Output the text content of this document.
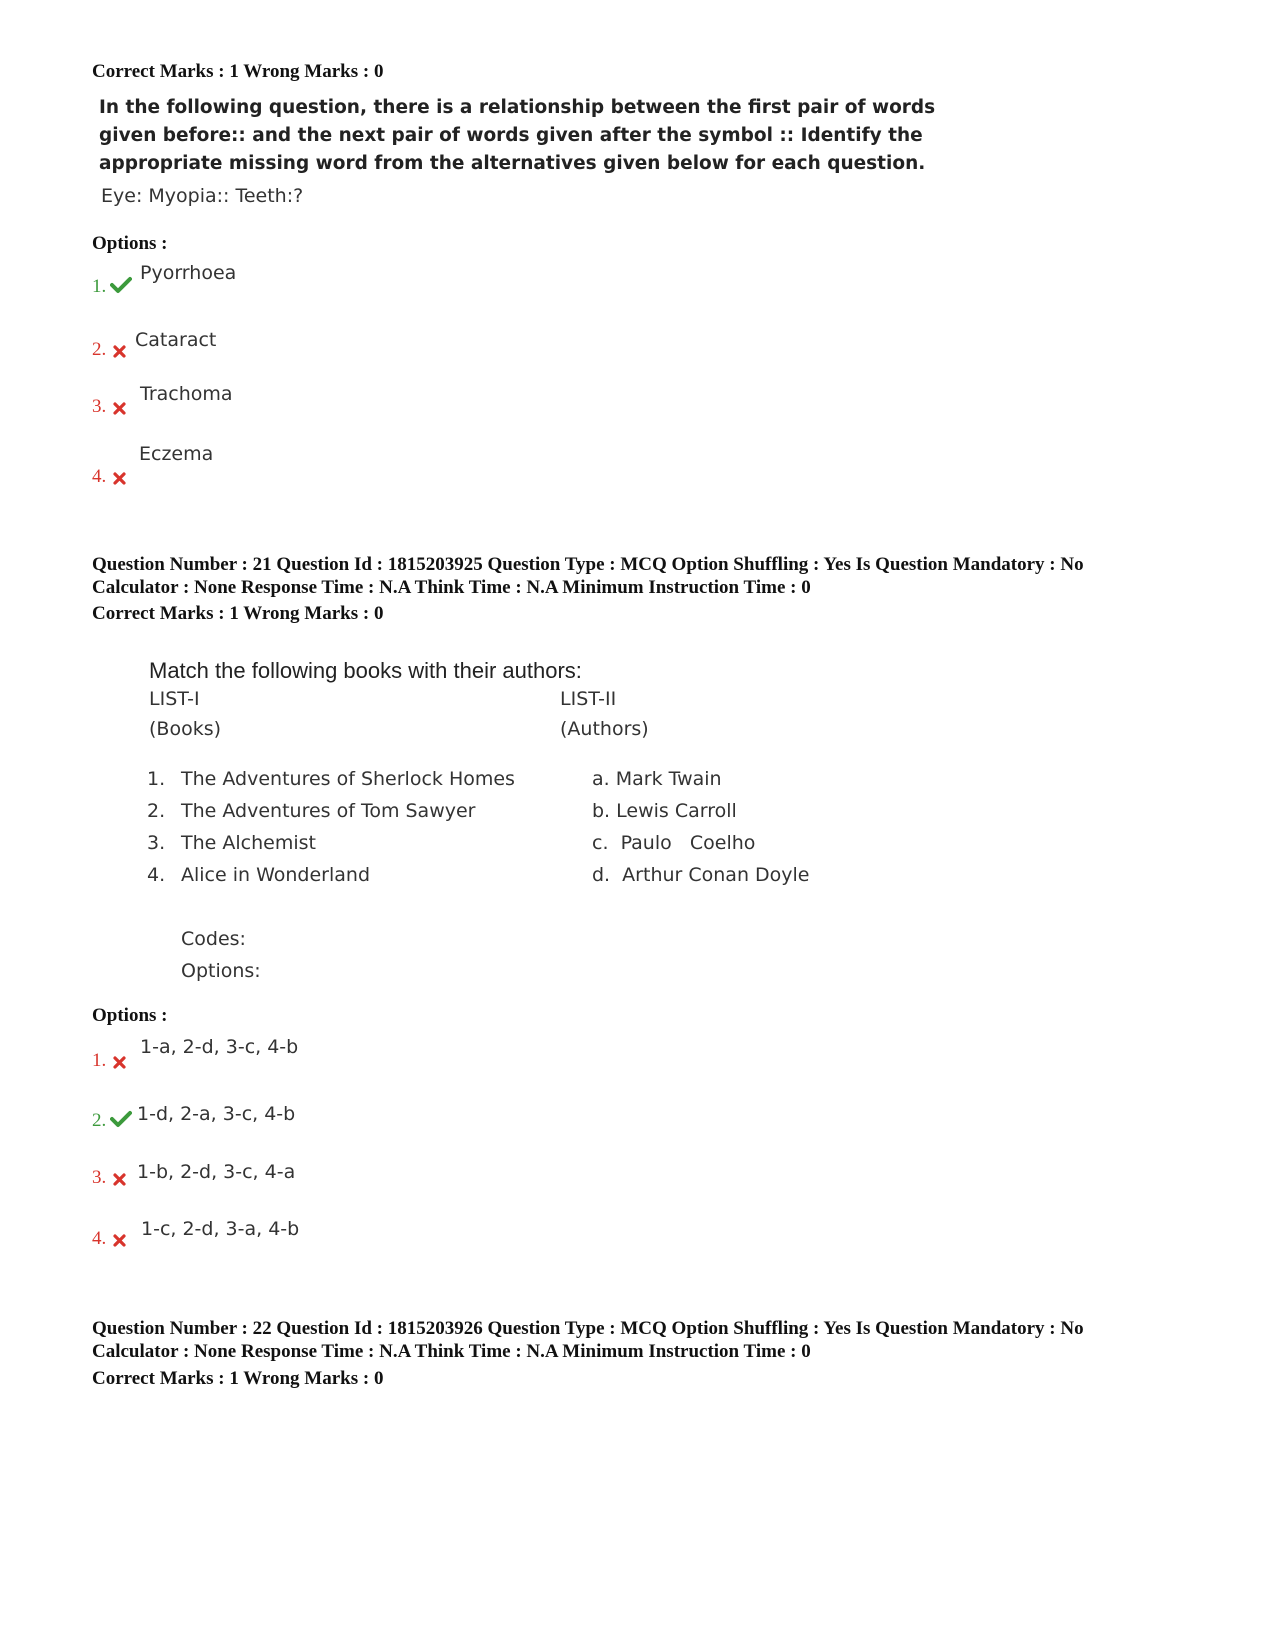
Correct Marks : 1 Wrong Marks : 0
In the following question, there is a relationship between the first pair of words
given before:: and the next pair of words given after the symbol :: Identify the
appropriate missing word from the alternatives given below for each question.
Eye: Myopia:: Teeth:?
Options :
1.
Pyorrhoea
2. Cataract
3.
Trachoma
4.
Eczema
Question Number : 21 Question Id : 1815203925 Question Type : MCQ Option Shuffling : Yes Is Question Mandatory : No
Calculator : None Response Time : N.A Think Time : N.A Minimum Instruction Time : 0
Correct Marks : 1 Wrong Marks : 0
Match the following books with their authors:
LIST-I
(Books)
LIST-II
(Authors)
1. The Adventures of Sherlock Homes
2. The Adventures of Tom Sawyer
3. The Alchemist
4. Alice in Wonderland
a. Mark Twain
b. Lewis Carroll
c.  Paulo   Coelho
d.  Arthur Conan Doyle
Codes:
Options:
Options :
1.
1-a, 2-d, 3-c, 4-b
2. 1-d, 2-a, 3-c, 4-b
3. 1-b, 2-d, 3-c, 4-a
4. 1-c, 2-d, 3-a, 4-b
Question Number : 22 Question Id : 1815203926 Question Type : MCQ Option Shuffling : Yes Is Question Mandatory : No
Calculator : None Response Time : N.A Think Time : N.A Minimum Instruction Time : 0
Correct Marks : 1 Wrong Marks : 0
